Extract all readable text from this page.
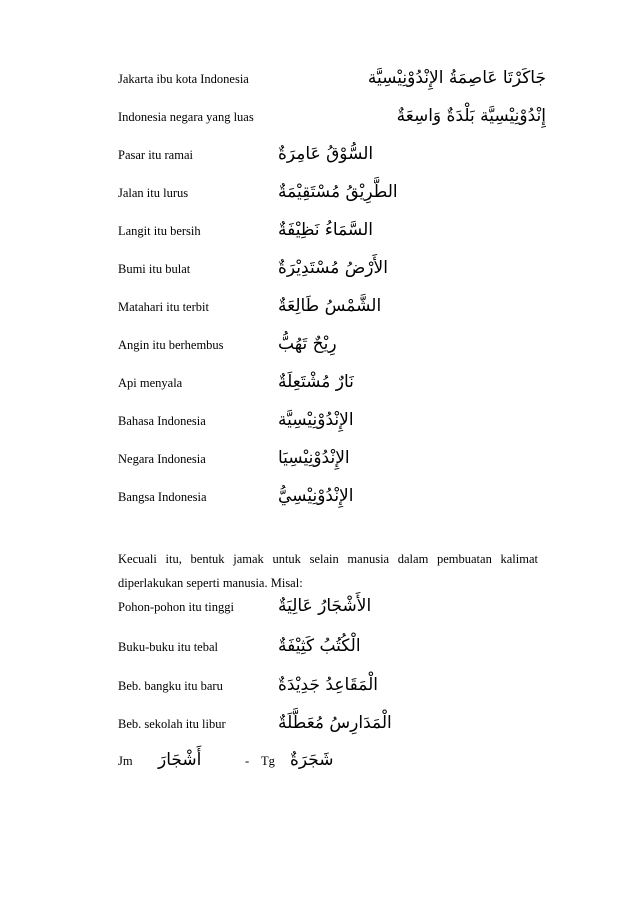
Jakarta ibu kota Indonesia	جَاكَرْتَا عَاصِمَةُ الإِنْدُوْنِيْسِيَّة
Indonesia negara yang luas	إِنْدُوْنِيْسِيَّة بَلْدَةٌ وَاسِعَةٌ
Pasar itu ramai	السُّوْقُ عَامِرَةٌ
Jalan itu lurus	الطَّرِيْقُ مُسْتَقِيْمَةٌ
Langit itu bersih	السَّمَاءُ نَظِيْفَةٌ
Bumi itu bulat	الأَرْضُ مُسْتَدِيْرَةٌ
Matahari itu terbit	الشَّمْسُ طَالِعَةٌ
Angin itu berhembus	رِيْحٌ تَهُبُّ
Api menyala	نَارٌ مُشْتَعِلَةٌ
Bahasa Indonesia	الإِنْدُوْنِيْسِيَّة
Negara Indonesia	الإِنْدُوْنِيْسِيَا
Bangsa Indonesia	الإِنْدُوْنِيْسِيُّ
Kecuali itu, bentuk jamak untuk selain manusia dalam pembuatan kalimat diperlakukan seperti manusia. Misal:
Pohon-pohon itu tinggi	الأَشْجَارُ عَالِيَةٌ
Buku-buku itu tebal	الْكُتُبُ كَثِيْفَةٌ
Beb. bangku itu baru	الْمَقَاعِدُ جَدِيْدَةٌ
Beb. sekolah itu libur	الْمَدَارِسُ مُعَطَّلَةٌ
Jm أَشْجَارَ	- Tg شَجَرَةٌ
